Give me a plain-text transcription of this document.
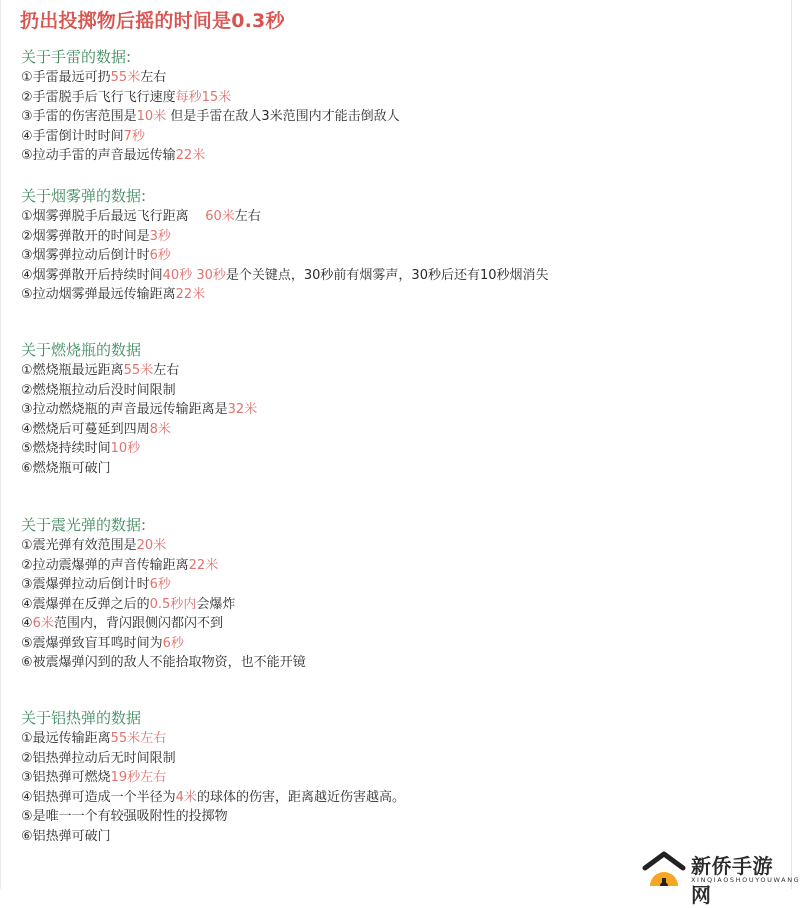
扔出投掷物后摇的时间是0.3秒
关于手雷的数据:
①手雷最远可扔55米左右
②手雷脱手后飞行飞行速度每秒15米
③手雷的伤害范围是10米 但是手雷在敌人3米范围内才能击倒敌人
④手雷倒计时时间7秒
⑤拉动手雷的声音最远传输22米
关于烟雾弹的数据:
①烟雾弹脱手后最远飞行距离    60米左右
②烟雾弹散开的时间是3秒
③烟雾弹拉动后倒计时6秒
④烟雾弹散开后持续时间40秒 30秒是个关键点，30秒前有烟雾声，30秒后还有10秒烟消失
⑤拉动烟雾弹最远传输距离22米
关于燃烧瓶的数据
①燃烧瓶最远距离55米左右
②燃烧瓶拉动后没时间限制
③拉动燃烧瓶的声音最远传输距离是32米
④燃烧后可蔓延到四周8米
⑤燃烧持续时间10秒
⑥燃烧瓶可破门
关于震光弹的数据:
①震光弹有效范围是20米
②拉动震爆弹的声音传输距离22米
③震爆弹拉动后倒计时6秒
④震爆弹在反弹之后的0.5秒内会爆炸
④6米范围内，背闪跟侧闪都闪不到
⑤震爆弹致盲耳鸣时间为6秒
⑥被震爆弹闪到的敌人不能拾取物资，也不能开镜
关于铝热弹的数据
①最远传输距离55米左右
②铝热弹拉动后无时间限制
③铝热弹可燃烧19秒左右
④铝热弹可造成一个半径为4米的球体的伤害，距离越近伤害越高。
⑤是唯一一个有较强吸附性的投掷物
⑥铝热弹可破门
新侨手游网
XINQIAOSHOUYOUWANG
